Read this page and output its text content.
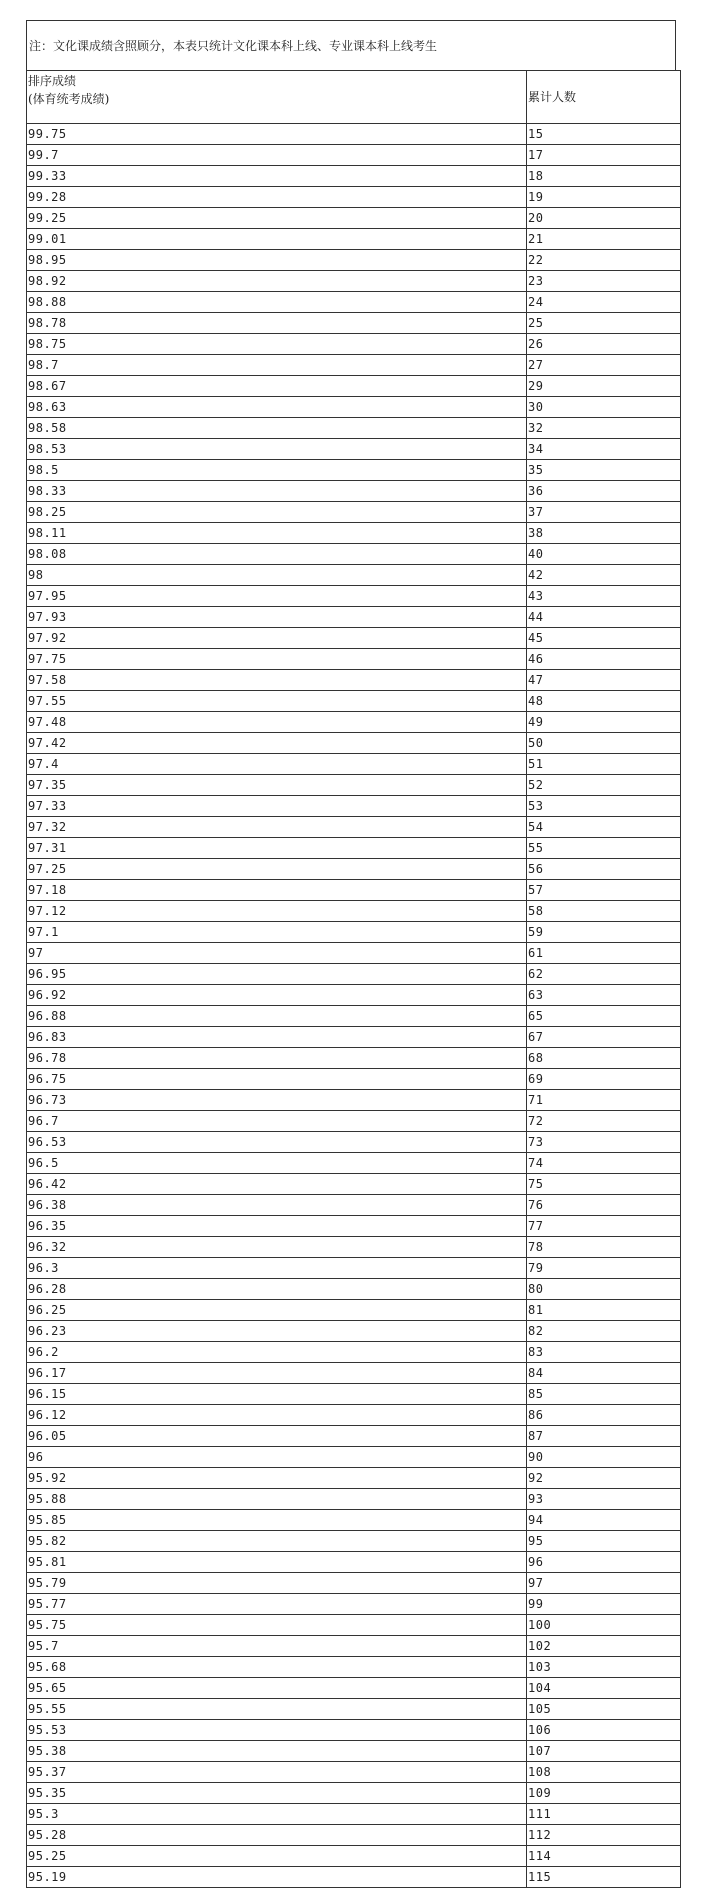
注：文化课成绩含照顾分，本表只统计文化课本科上线、专业课本科上线考生
排序成绩
(体育统考成绩)	累计人数
99.75	15
99.7	17
99.33	18
99.28	19
99.25	20
99.01	21
98.95	22
98.92	23
98.88	24
98.78	25
98.75	26
98.7	27
98.67	29
98.63	30
98.58	32
98.53	34
98.5	35
98.33	36
98.25	37
98.11	38
98.08	40
98	42
97.95	43
97.93	44
97.92	45
97.75	46
97.58	47
97.55	48
97.48	49
97.42	50
97.4	51
97.35	52
97.33	53
97.32	54
97.31	55
97.25	56
97.18	57
97.12	58
97.1	59
97	61
96.95	62
96.92	63
96.88	65
96.83	67
96.78	68
96.75	69
96.73	71
96.7	72
96.53	73
96.5	74
96.42	75
96.38	76
96.35	77
96.32	78
96.3	79
96.28	80
96.25	81
96.23	82
96.2	83
96.17	84
96.15	85
96.12	86
96.05	87
96	90
95.92	92
95.88	93
95.85	94
95.82	95
95.81	96
95.79	97
95.77	99
95.75	100
95.7	102
95.68	103
95.65	104
95.55	105
95.53	106
95.38	107
95.37	108
95.35	109
95.3	111
95.28	112
95.25	114
95.19	115
